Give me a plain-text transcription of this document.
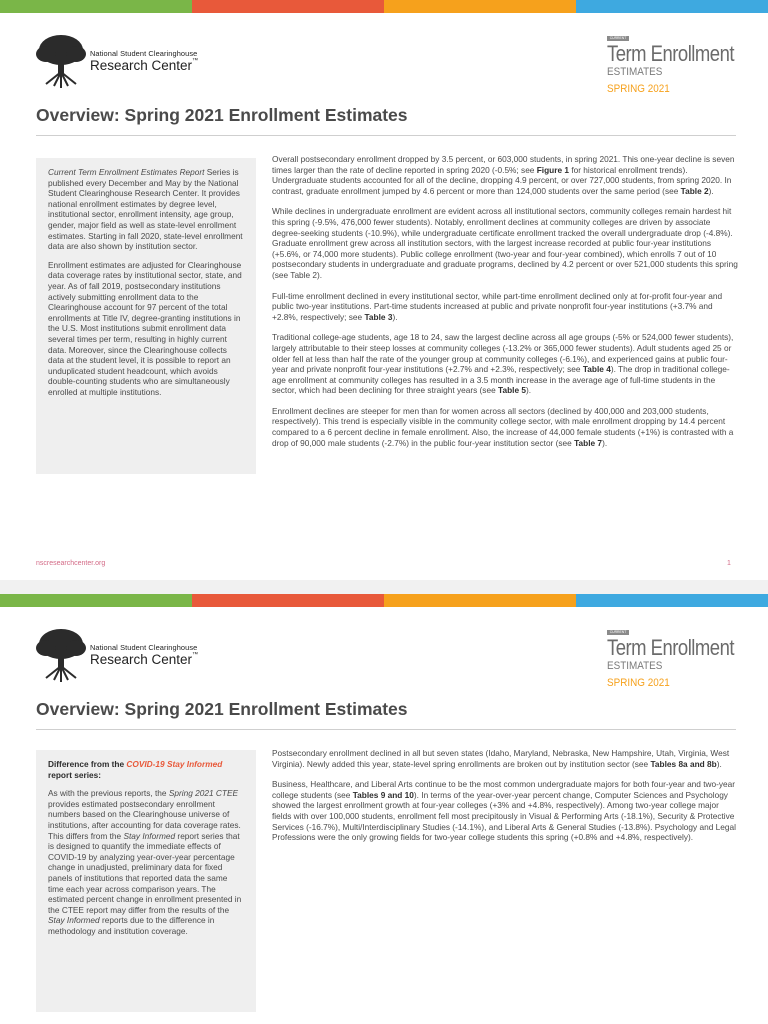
National Student Clearinghouse
Research Center™
CURRENT
Term Enrollment
ESTIMATES
SPRING 2021
Overview: Spring 2021 Enrollment Estimates

Current Term Enrollment Estimates Report Series is published every December and May by the National Student Clearinghouse Research Center. It provides national enrollment estimates by degree level, institutional sector, enrollment intensity, age group, gender, major field as well as state-level enrollment estimates. Starting in fall 2020, state-level enrollment data are also shown by institution sector.

Enrollment estimates are adjusted for Clearinghouse data coverage rates by institutional sector, state, and year. As of fall 2019, postsecondary institutions actively submitting enrollment data to the Clearinghouse account for 97 percent of the total enrollments at Title IV, degree-granting institutions in the U.S. Most institutions submit enrollment data several times per term, resulting in highly current data. Moreover, since the Clearinghouse collects data at the student level, it is possible to report an unduplicated student headcount, which avoids double-counting students who are simultaneously enrolled at multiple institutions.

Overall postsecondary enrollment dropped by 3.5 percent, or 603,000 students, in spring 2021. This one-year decline is seven times larger than the rate of decline reported in spring 2020 (-0.5%; see Figure 1 for historical enrollment trends). Undergraduate students accounted for all of the decline, dropping 4.9 percent, or over 727,000 students, from spring 2020. In contrast, graduate enrollment jumped by 4.6 percent or more than 124,000 students over the same period (see Table 2).

While declines in undergraduate enrollment are evident across all institutional sectors, community colleges remain hardest hit this spring (-9.5%, 476,000 fewer students). Notably, enrollment declines at community colleges are driven by associate degree-seeking students (-10.9%), while undergraduate certificate enrollment tracked the overall undergraduate drop (-4.8%). Graduate enrollment grew across all institution sectors, with the largest increase recorded at public four-year institutions (+5.6%, or 74,000 more students). Public college enrollment (two-year and four-year combined), which enrolls 7 out of 10 postsecondary students in undergraduate and graduate programs, declined by 4.2 percent or over 521,000 students this spring (see Table 2).

Full-time enrollment declined in every institutional sector, while part-time enrollment declined only at for-profit four-year and public two-year institutions. Part-time students increased at public and private nonprofit four-year institutions (+3.7% and +2.8%, respectively; see Table 3).

Traditional college-age students, age 18 to 24, saw the largest decline across all age groups (-5% or 524,000 fewer students), largely attributable to their steep losses at community colleges (-13.2% or 365,000 fewer students). Adult students aged 25 or older fell at less than half the rate of the younger group at community colleges (-6.1%), and experienced gains at public four-year and private nonprofit four-year institutions (+2.7% and +2.3%, respectively; see Table 4). The drop in traditional college-age enrollment at community colleges has resulted in a 3.5 month increase in the average age of full-time students in the sector, which had been declining for three straight years (see Table 5).

Enrollment declines are steeper for men than for women across all sectors (declined by 400,000 and 203,000 students, respectively). This trend is especially visible in the community college sector, with male enrollment dropping by 14.4 percent compared to a 6 percent decline in female enrollment. Also, the increase of 44,000 female students (+1%) is contrasted with a drop of 90,000 male students (-2.7%) in the public four-year institution sector (see Table 7).

nscresearchcenter.org	1
National Student Clearinghouse
Research Center™
CURRENT
Term Enrollment
ESTIMATES
SPRING 2021
Overview: Spring 2021 Enrollment Estimates

Difference from the COVID-19 Stay Informed report series:

As with the previous reports, the Spring 2021 CTEE provides estimated postsecondary enrollment numbers based on the Clearinghouse universe of institutions, after accounting for data coverage rates. This differs from the Stay Informed report series that is designed to quantify the immediate effects of COVID-19 by analyzing year-over-year percentage change in unadjusted, preliminary data for fixed panels of institutions that reported data the same time each year across comparison years. The estimated percent change in enrollment presented in the CTEE report may differ from the results of the Stay Informed reports due to the difference in methodology and institution coverage.

Postsecondary enrollment declined in all but seven states (Idaho, Maryland, Nebraska, New Hampshire, Utah, Virginia, West Virginia). Newly added this year, state-level spring enrollments are broken out by institution sector (see Tables 8a and 8b).

Business, Healthcare, and Liberal Arts continue to be the most common undergraduate majors for both four-year and two-year college students (see Tables 9 and 10). In terms of the year-over-year percent change, Computer Sciences and Psychology showed the largest enrollment growth at four-year colleges (+3% and +4.8%, respectively). Among two-year college major fields with over 100,000 students, enrollment fell most precipitously in Visual & Performing Arts (-18.1%), Security & Protective Services (-16.7%), Multi/Interdisciplinary Studies (-14.1%), and Liberal Arts & General Studies (-13.8%). Psychology and Legal Professions were the only growing fields for two-year college students this spring (+0.8% and +4.8%, respectively).
